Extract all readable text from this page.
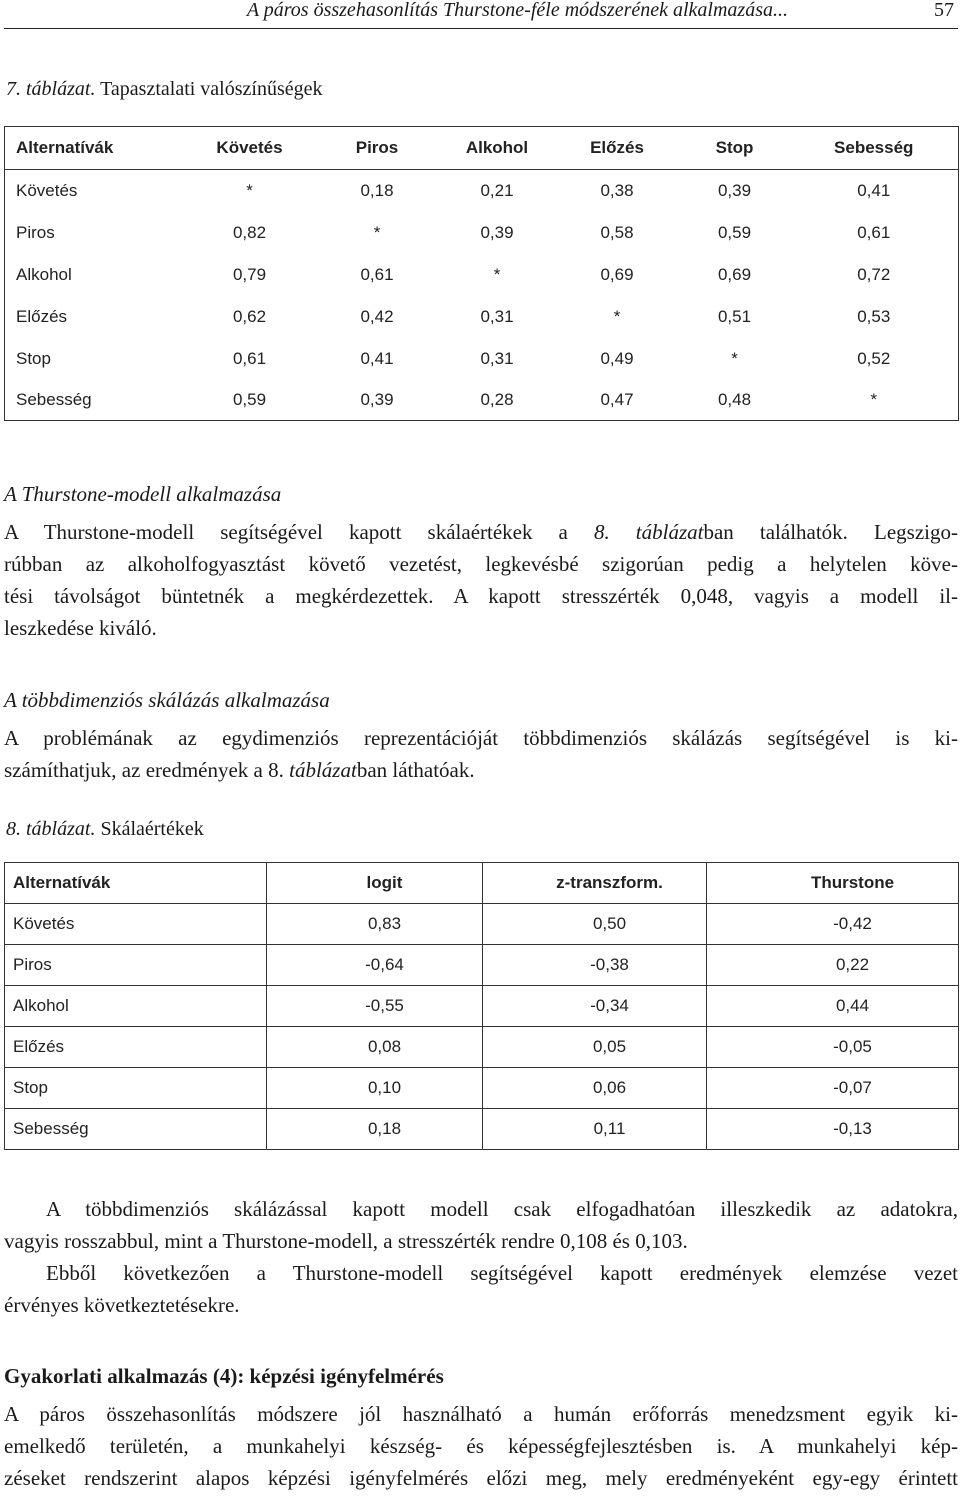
A páros összehasonlítás Thurstone-féle módszerének alkalmazása...	57
7. táblázat. Tapasztalati valószínűségek
Alternatívák	Követés	Piros	Alkohol	Előzés	Stop	Sebesség
Követés	*	0,18	0,21	0,38	0,39	0,41
Piros	0,82	*	0,39	0,58	0,59	0,61
Alkohol	0,79	0,61	*	0,69	0,69	0,72
Előzés	0,62	0,42	0,31	*	0,51	0,53
Stop	0,61	0,41	0,31	0,49	*	0,52
Sebesség	0,59	0,39	0,28	0,47	0,48	*
A Thurstone-modell alkalmazása
A Thurstone-modell segítségével kapott skálaértékek a 8. táblázatban találhatók. Legszigo-
rúbban az alkoholfogyasztást követő vezetést, legkevésbé szigorúan pedig a helytelen köve-
tési távolságot büntetnék a megkérdezettek. A kapott stresszérték 0,048, vagyis a modell il-
leszkedése kiváló.
A többdimenziós skálázás alkalmazása
A problémának az egydimenziós reprezentációját többdimenziós skálázás segítségével is ki-
számíthatjuk, az eredmények a 8. táblázatban láthatóak.
8. táblázat. Skálaértékek
Alternatívák	logit	z-transzform.	Thurstone
Követés	0,83	0,50	-0,42
Piros	-0,64	-0,38	0,22
Alkohol	-0,55	-0,34	0,44
Előzés	0,08	0,05	-0,05
Stop	0,10	0,06	-0,07
Sebesség	0,18	0,11	-0,13
A többdimenziós skálázással kapott modell csak elfogadhatóan illeszkedik az adatokra,
vagyis rosszabbul, mint a Thurstone-modell, a stresszérték rendre 0,108 és 0,103.
Ebből következően a Thurstone-modell segítségével kapott eredmények elemzése vezet
érvényes következtetésekre.
Gyakorlati alkalmazás (4): képzési igényfelmérés
A páros összehasonlítás módszere jól használható a humán erőforrás menedzsment egyik ki-
emelkedő területén, a munkahelyi készség- és képességfejlesztésben is. A munkahelyi kép-
zéseket rendszerint alapos képzési igényfelmérés előzi meg, mely eredményeként egy-egy érintett
